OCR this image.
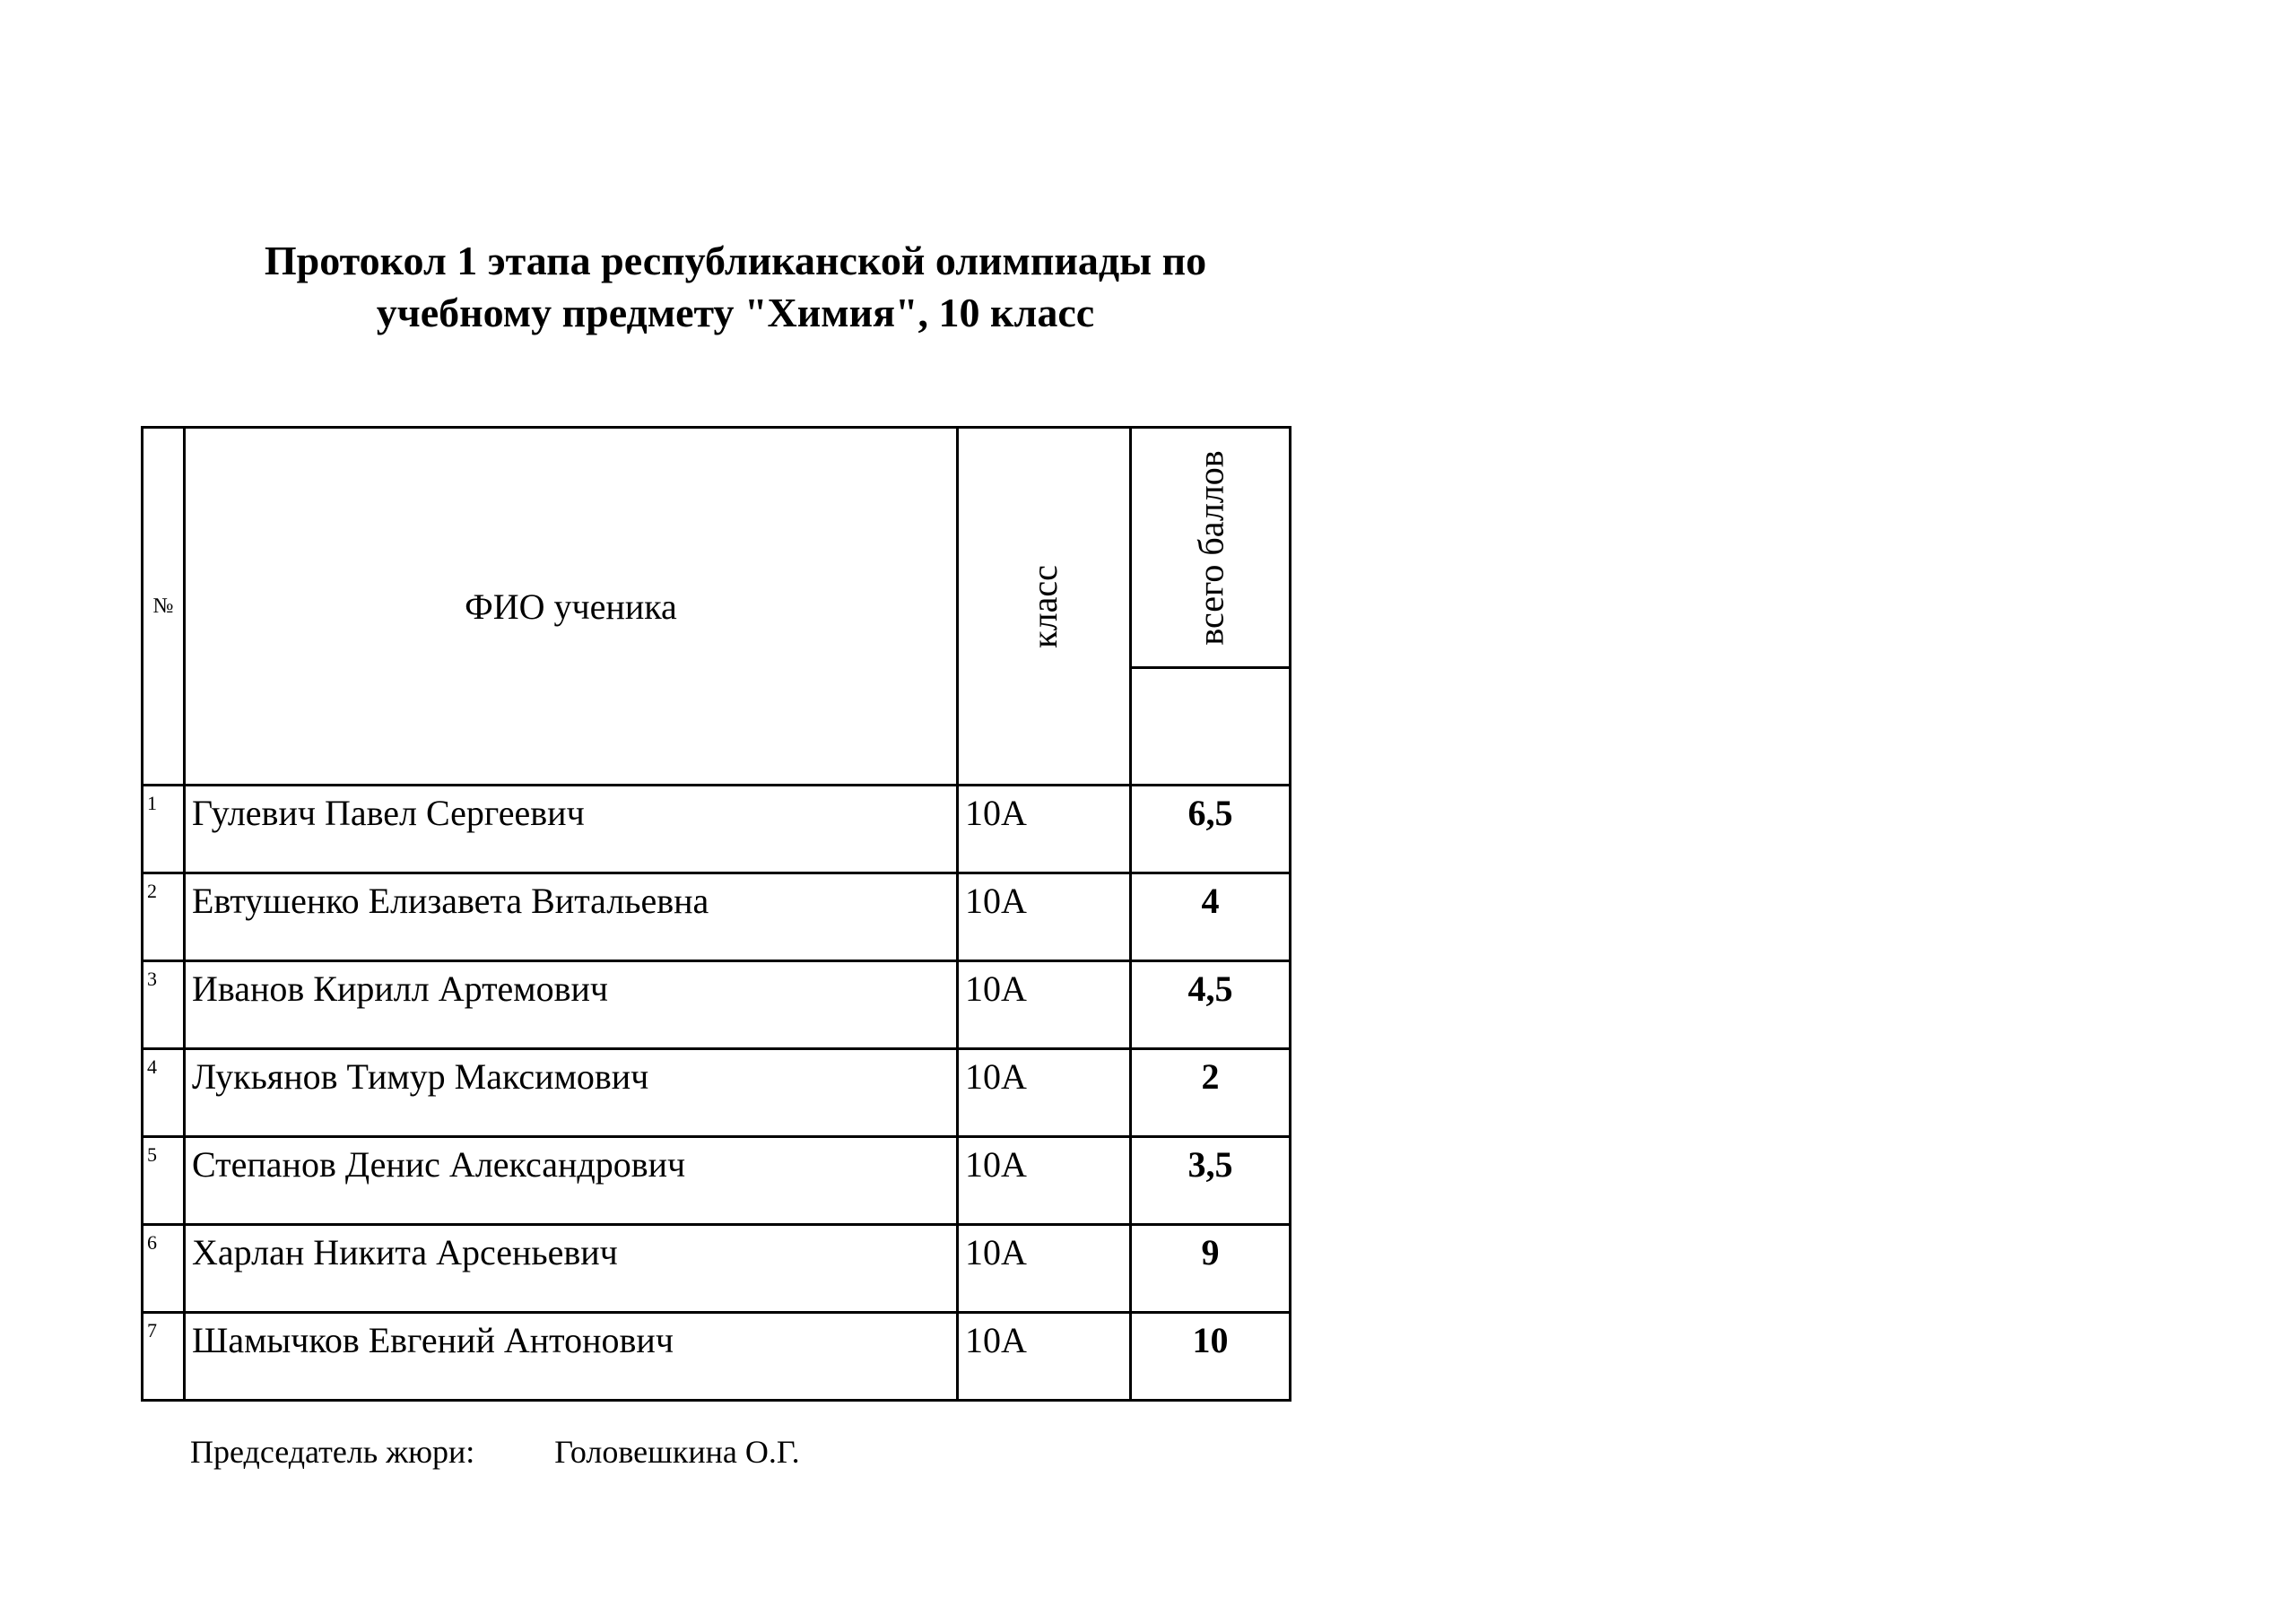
Протокол 1 этапа республиканской олимпиады по
учебному предмету "Химия", 10 класс
№	ФИО ученика	класс	всего баллов

1	Гулевич Павел Сергеевич	10А	6,5
2	Евтушенко Елизавета Витальевна	10А	4
3	Иванов Кирилл Артемович	10А	4,5
4	Лукьянов Тимур Максимович	10А	2
5	Степанов Денис Александрович	10А	3,5
6	Харлан Никита Арсеньевич	10А	9
7	Шамычков Евгений Антонович	10А	10
Председатель жюри: Головешкина О.Г.
